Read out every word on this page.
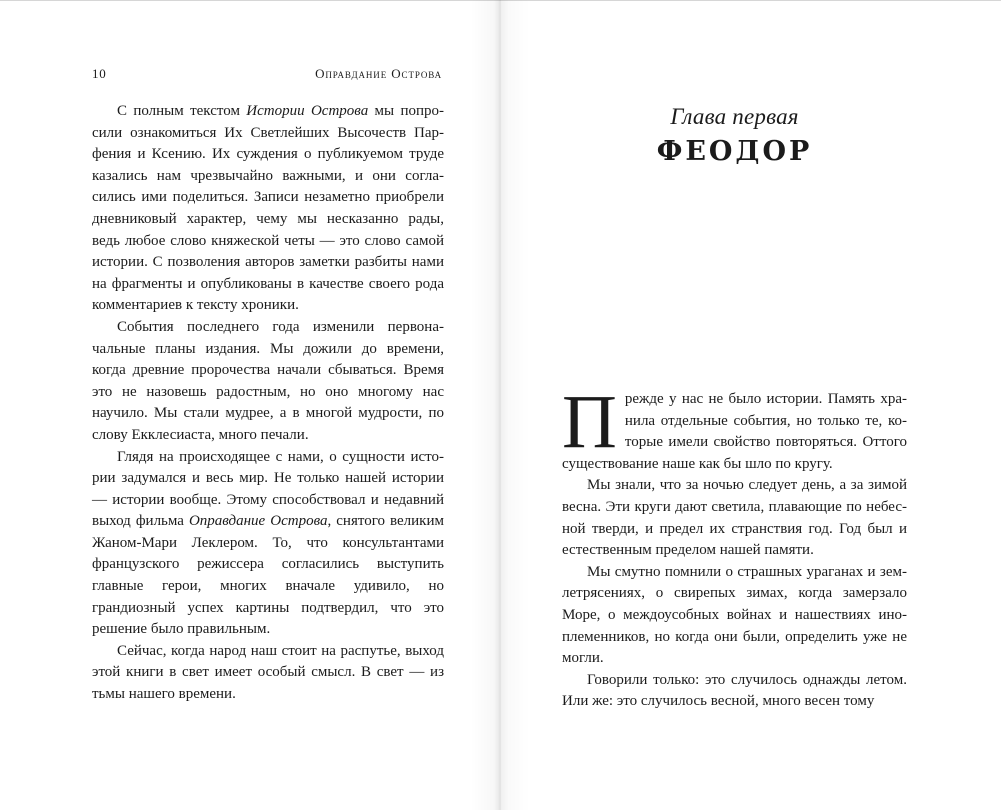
10	Оправдание Острова

С полным текстом Истории Острова мы попросили ознакомиться Их Светлейших Высочеств Парфения и Ксению. Их суждения о публикуемом труде казались нам чрезвычайно важными, и они согласились ими поделиться. Записи незаметно приобрели дневниковый характер, чему мы несказанно рады, ведь любое слово княжеской четы — это слово самой истории. С позволения авторов заметки разбиты нами на фрагменты и опубликованы в качестве своего рода комментариев к тексту хроники.

События последнего года изменили первоначальные планы издания. Мы дожили до времени, когда древние пророчества начали сбываться. Время это не назовешь радостным, но оно многому нас научило. Мы стали мудрее, а в многой мудрости, по слову Екклесиаста, много печали.

Глядя на происходящее с нами, о сущности истории задумался и весь мир. Не только нашей истории — истории вообще. Этому способствовал и недавний выход фильма Оправдание Острова, снятого великим Жаном-Мари Леклером. То, что консультантами французского режиссера согласились выступить главные герои, многих вначале удивило, но грандиозный успех картины подтвердил, что это решение было правильным.

Сейчас, когда народ наш стоит на распутье, выход этой книги в свет имеет особый смысл. В свет — из тьмы нашего времени.

Глава первая
ФЕОДОР

Прежде у нас не было истории. Память хранила отдельные события, но только те, которые имели свойство повторяться. Оттого существование наше как бы шло по кругу.

Мы знали, что за ночью следует день, а за зимой весна. Эти круги дают светила, плавающие по небесной тверди, и предел их странствия год. Год был и естественным пределом нашей памяти.

Мы смутно помнили о страшных ураганах и землетрясениях, о свирепых зимах, когда замерзало Море, о междоусобных войнах и нашествиях иноплеменников, но когда они были, определить уже не могли.

Говорили только: это случилось однажды летом. Или же: это случилось весной, много весен тому
